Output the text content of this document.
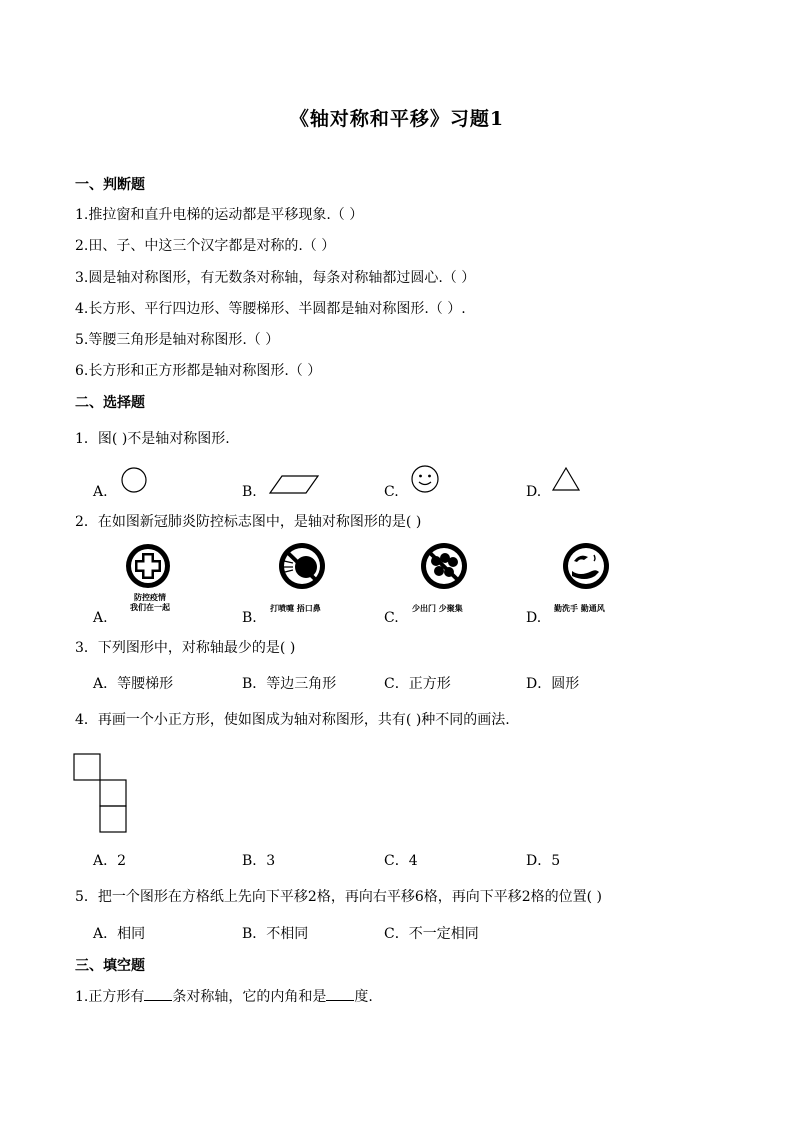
《轴对称和平移》习题1
一、判断题
1.推拉窗和直升电梯的运动都是平移现象.（ ）
2.田、子、中这三个汉字都是对称的.（ ）
3.圆是轴对称图形，有无数条对称轴，每条对称轴都过圆心.（ ）
4.长方形、平行四边形、等腰梯形、半圆都是轴对称图形.（ ）.
5.等腰三角形是轴对称图形.（ ）
6.长方形和正方形都是轴对称图形.（ ）
二、选择题
1．图( )不是轴对称图形.
A.	B.	C.	D.
2．在如图新冠肺炎防控标志图中，是轴对称图形的是( )
A.
防控疫情
我们在一起
B.
打喷嚏 捂口鼻
C.
少出门 少聚集
D.
勤洗手 勤通风
3．下列图形中，对称轴最少的是( )
A．等腰梯形	B．等边三角形	C．正方形	D．圆形
4．再画一个小正方形，使如图成为轴对称图形，共有( )种不同的画法.
A．2	B．3	C．4	D．5
5．把一个图形在方格纸上先向下平移2格，再向右平移6格，再向下平移2格的位置( )
A．相同	B．不相同	C．不一定相同
三、填空题
1.正方形有 条对称轴，它的内角和是 度.
